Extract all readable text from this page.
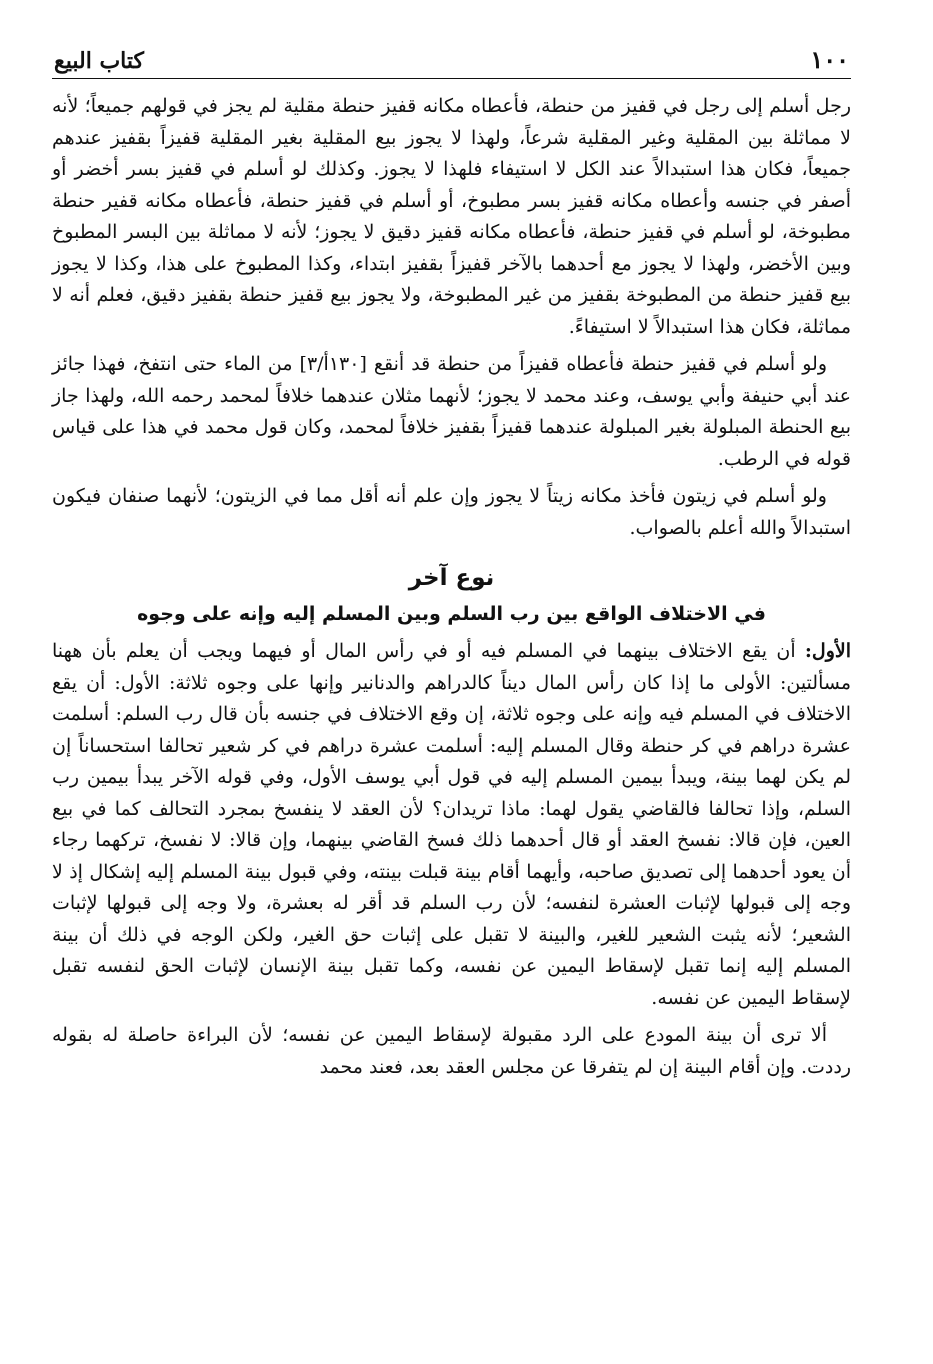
١٠٠
كتاب البيع

رجل أسلم إلى رجل في قفيز من حنطة، فأعطاه مكانه قفيز حنطة مقلية لم يجز في قولهم جميعاً؛ لأنه لا مماثلة بين المقلية وغير المقلية شرعاً، ولهذا لا يجوز بيع المقلية بغير المقلية قفيزاً بقفيز عندهم جميعاً، فكان هذا استبدالاً عند الكل لا استيفاء فلهذا لا يجوز. وكذلك لو أسلم في قفيز بسر أخضر أو أصفر في جنسه وأعطاه مكانه قفيز بسر مطبوخ، أو أسلم في قفيز حنطة، فأعطاه مكانه قفير حنطة مطبوخة، لو أسلم في قفيز حنطة، فأعطاه مكانه قفيز دقيق لا يجوز؛ لأنه لا مماثلة بين البسر المطبوخ وبين الأخضر، ولهذا لا يجوز مع أحدهما بالآخر قفيزاً بقفيز ابتداء، وكذا المطبوخ على هذا، وكذا لا يجوز بيع قفيز حنطة من المطبوخة بقفيز من غير المطبوخة، ولا يجوز بيع قفيز حنطة بقفيز دقيق، فعلم أنه لا مماثلة، فكان هذا استبدالاً لا استيفاءً.

ولو أسلم في قفيز حنطة فأعطاه قفيزاً من حنطة قد أنقع [١٣٠أ/٣] من الماء حتى انتفخ، فهذا جائز عند أبي حنيفة وأبي يوسف، وعند محمد لا يجوز؛ لأنهما مثلان عندهما خلافاً لمحمد رحمه الله، ولهذا جاز بيع الحنطة المبلولة بغير المبلولة عندهما قفيزاً بقفيز خلافاً لمحمد، وكان قول محمد في هذا على قياس قوله في الرطب.

ولو أسلم في زيتون فأخذ مكانه زيتاً لا يجوز وإن علم أنه أقل مما في الزيتون؛ لأنهما صنفان فيكون استبدالاً والله أعلم بالصواب.

نوع آخر
في الاختلاف الواقع بين رب السلم وبين المسلم إليه وإنه على وجوه

الأول: أن يقع الاختلاف بينهما في المسلم فيه أو في رأس المال أو فيهما ويجب أن يعلم بأن ههنا مسألتين: الأولى ما إذا كان رأس المال ديناً كالدراهم والدنانير وإنها على وجوه ثلاثة: الأول: أن يقع الاختلاف في المسلم فيه وإنه على وجوه ثلاثة، إن وقع الاختلاف في جنسه بأن قال رب السلم: أسلمت عشرة دراهم في كر حنطة وقال المسلم إليه: أسلمت عشرة دراهم في كر شعير تحالفا استحساناً إن لم يكن لهما بينة، ويبدأ بيمين المسلم إليه في قول أبي يوسف الأول، وفي قوله الآخر يبدأ بيمين رب السلم، وإذا تحالفا فالقاضي يقول لهما: ماذا تريدان؟ لأن العقد لا ينفسخ بمجرد التحالف كما في بيع العين، فإن قالا: نفسخ العقد أو قال أحدهما ذلك فسخ القاضي بينهما، وإن قالا: لا نفسخ، تركهما رجاء أن يعود أحدهما إلى تصديق صاحبه، وأيهما أقام بينة قبلت بينته، وفي قبول بينة المسلم إليه إشكال إذ لا وجه إلى قبولها لإثبات العشرة لنفسه؛ لأن رب السلم قد أقر له بعشرة، ولا وجه إلى قبولها لإثبات الشعير؛ لأنه يثبت الشعير للغير، والبينة لا تقبل على إثبات حق الغير، ولكن الوجه في ذلك أن بينة المسلم إليه إنما تقبل لإسقاط اليمين عن نفسه، وكما تقبل بينة الإنسان لإثبات الحق لنفسه تقبل لإسقاط اليمين عن نفسه.

ألا ترى أن بينة المودع على الرد مقبولة لإسقاط اليمين عن نفسه؛ لأن البراءة حاصلة له بقوله رددت. وإن أقام البينة إن لم يتفرقا عن مجلس العقد بعد، فعند محمد
